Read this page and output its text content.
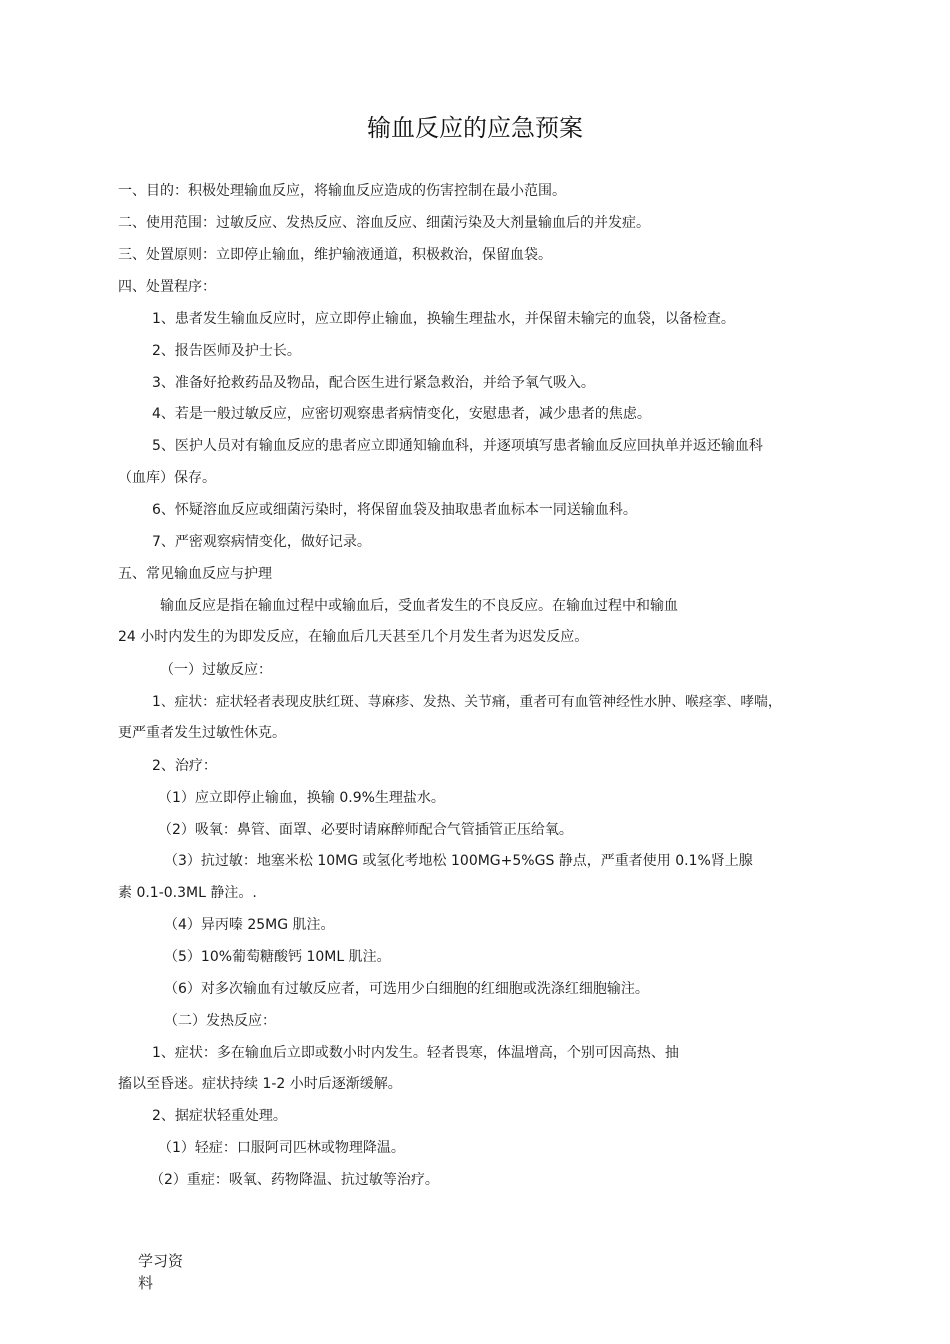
输血反应的应急预案
一、目的：积极处理输血反应，将输血反应造成的伤害控制在最小范围。
二、使用范围：过敏反应、发热反应、溶血反应、细菌污染及大剂量输血后的并发症。
三、处置原则：立即停止输血，维护输液通道，积极救治，保留血袋。
四、处置程序：
1、患者发生输血反应时，应立即停止输血，换输生理盐水，并保留未输完的血袋，以备检查。
2、报告医师及护士长。
3、准备好抢救药品及物品，配合医生进行紧急救治，并给予氧气吸入。
4、若是一般过敏反应，应密切观察患者病情变化，安慰患者，减少患者的焦虑。
5、医护人员对有输血反应的患者应立即通知输血科，并逐项填写患者输血反应回执单并返还输血科
（血库）保存。
6、怀疑溶血反应或细菌污染时，将保留血袋及抽取患者血标本一同送输血科。
7、严密观察病情变化，做好记录。
五、常见输血反应与护理
输血反应是指在输血过程中或输血后，受血者发生的不良反应。在输血过程中和输血
24 小时内发生的为即发反应，在输血后几天甚至几个月发生者为迟发反应。
（一）过敏反应：
1、症状：症状轻者表现皮肤红斑、荨麻疹、发热、关节痛，重者可有血管神经性水肿、喉痉挛、哮喘，
更严重者发生过敏性休克。
2、治疗：
（1）应立即停止输血，换输 0.9%生理盐水。
（2）吸氧：鼻管、面罩、必要时请麻醉师配合气管插管正压给氧。
（3）抗过敏：地塞米松 10MG 或氢化考地松 100MG+5%GS 静点，严重者使用 0.1%肾上腺
素 0.1-0.3ML 静注。.
（4）异丙嗪 25MG 肌注。
（5）10%葡萄糖酸钙 10ML 肌注。
（6）对多次输血有过敏反应者，可选用少白细胞的红细胞或洗涤红细胞输注。
（二）发热反应：
1、症状：多在输血后立即或数小时内发生。轻者畏寒，体温增高，个别可因高热、抽
搐以至昏迷。症状持续 1-2 小时后逐渐缓解。
2、据症状轻重处理。
（1）轻症：口服阿司匹林或物理降温。
（2）重症：吸氧、药物降温、抗过敏等治疗。
学习资
料
